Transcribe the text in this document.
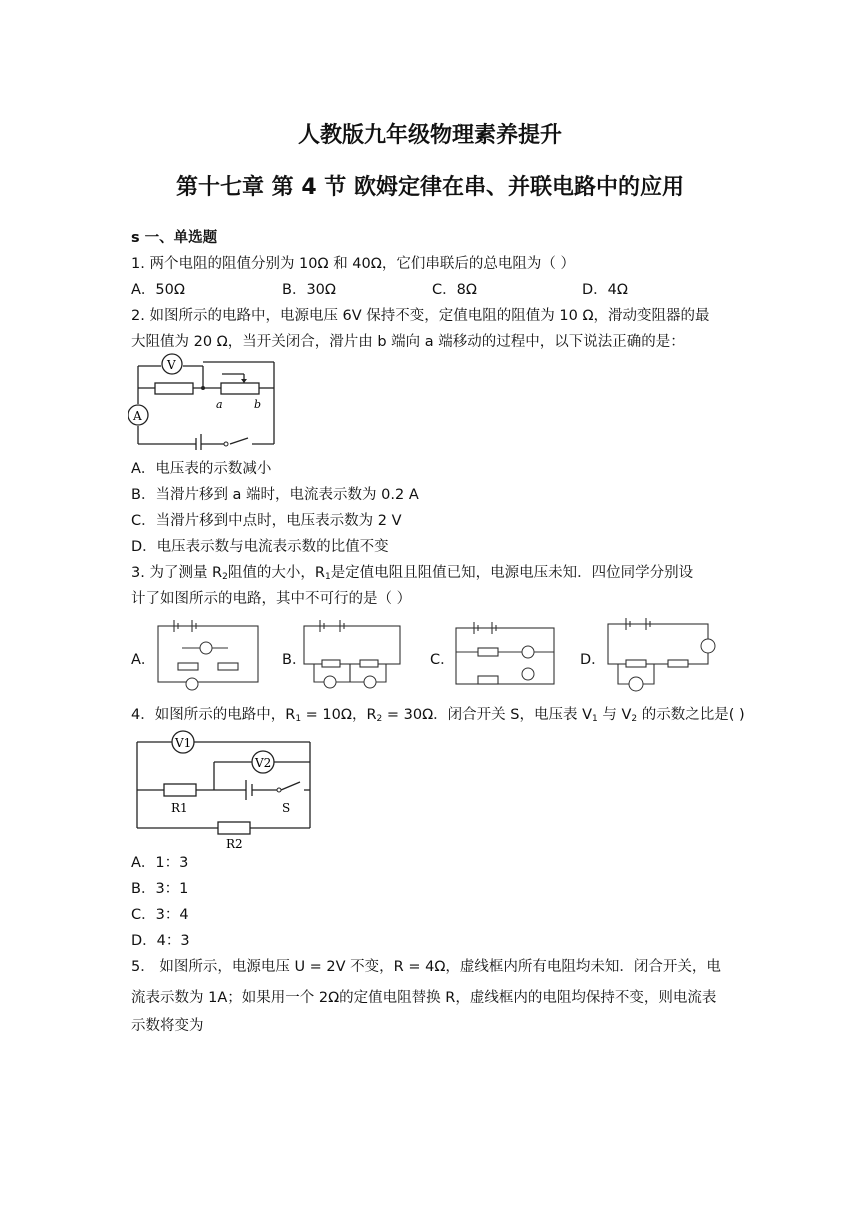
人教版九年级物理素养提升
第十七章 第 4 节 欧姆定律在串、并联电路中的应用
s 一、单选题
1. 两个电阻的阻值分别为 10Ω 和 40Ω，它们串联后的总电阻为（ ）
A．50Ω	B．30Ω	C．8Ω	D．4Ω
2. 如图所示的电路中，电源电压 6V 保持不变，定值电阻的阻值为 10 Ω，滑动变阻器的最
大阻值为 20 Ω，当开关闭合，滑片由 b 端向 a 端移动的过程中，以下说法正确的是：
V
A
a	b
A．电压表的示数减小
B．当滑片移到 a 端时，电流表示数为 0.2 A
C．当滑片移到中点时，电压表示数为 2 V
D．电压表示数与电流表示数的比值不变
3. 为了测量 $R_2$阻值的大小，$R_1$是定值电阻且阻值已知，电源电压未知．四位同学分别设
计了如图所示的电路，其中不可行的是（ ）
A．	B．	C．	D．
4．如图所示的电路中，$R_1 = 10\Omega$，$R_2 = 30\Omega$．闭合开关 S，电压表 $V_1$ 与 $V_2$ 的示数之比是( )
V1
V2
R1
R2
S
A．1：3
B．3：1
C．3：4
D．4：3
5． 如图所示，电源电压 U = 2V 不变，R = 4Ω，虚线框内所有电阻均未知．闭合开关，电
流表示数为 1A；如果用一个 2Ω的定值电阻替换 R，虚线框内的电阻均保持不变，则电流表
示数将变为
